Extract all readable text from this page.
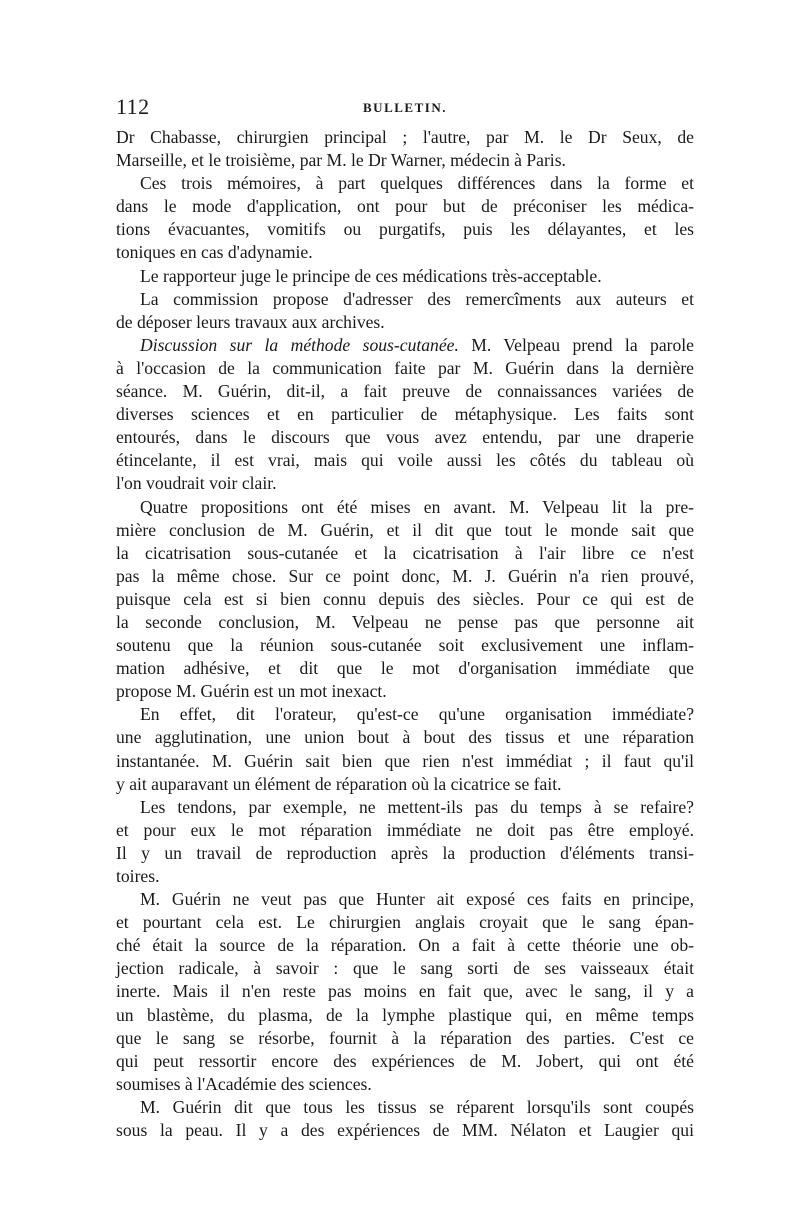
112	BULLETIN.
Dr Chabasse, chirurgien principal ; l'autre, par M. le Dr Seux, de
Marseille, et le troisième, par M. le Dr Warner, médecin à Paris.
Ces trois mémoires, à part quelques différences dans la forme et
dans le mode d'application, ont pour but de préconiser les médica-
tions évacuantes, vomitifs ou purgatifs, puis les délayantes, et les
toniques en cas d'adynamie.
Le rapporteur juge le principe de ces médications très-acceptable.
La commission propose d'adresser des remercîments aux auteurs et
de déposer leurs travaux aux archives.
Discussion sur la méthode sous-cutanée. M. Velpeau prend la parole
à l'occasion de la communication faite par M. Guérin dans la dernière
séance. M. Guérin, dit-il, a fait preuve de connaissances variées de
diverses sciences et en particulier de métaphysique. Les faits sont
entourés, dans le discours que vous avez entendu, par une draperie
étincelante, il est vrai, mais qui voile aussi les côtés du tableau où
l'on voudrait voir clair.
Quatre propositions ont été mises en avant. M. Velpeau lit la pre-
mière conclusion de M. Guérin, et il dit que tout le monde sait que
la cicatrisation sous-cutanée et la cicatrisation à l'air libre ce n'est
pas la même chose. Sur ce point donc, M. J. Guérin n'a rien prouvé,
puisque cela est si bien connu depuis des siècles. Pour ce qui est de
la seconde conclusion, M. Velpeau ne pense pas que personne ait
soutenu que la réunion sous-cutanée soit exclusivement une inflam-
mation adhésive, et dit que le mot d'organisation immédiate que
propose M. Guérin est un mot inexact.
En effet, dit l'orateur, qu'est-ce qu'une organisation immédiate?
une agglutination, une union bout à bout des tissus et une réparation
instantanée. M. Guérin sait bien que rien n'est immédiat ; il faut qu'il
y ait auparavant un élément de réparation où la cicatrice se fait.
Les tendons, par exemple, ne mettent-ils pas du temps à se refaire?
et pour eux le mot réparation immédiate ne doit pas être employé.
Il y un travail de reproduction après la production d'éléments transi-
toires.
M. Guérin ne veut pas que Hunter ait exposé ces faits en principe,
et pourtant cela est. Le chirurgien anglais croyait que le sang épan-
ché était la source de la réparation. On a fait à cette théorie une ob-
jection radicale, à savoir : que le sang sorti de ses vaisseaux était
inerte. Mais il n'en reste pas moins en fait que, avec le sang, il y a
un blastème, du plasma, de la lymphe plastique qui, en même temps
que le sang se résorbe, fournit à la réparation des parties. C'est ce
qui peut ressortir encore des expériences de M. Jobert, qui ont été
soumises à l'Académie des sciences.
M. Guérin dit que tous les tissus se réparent lorsqu'ils sont coupés
sous la peau. Il y a des expériences de MM. Nélaton et Laugier qui
